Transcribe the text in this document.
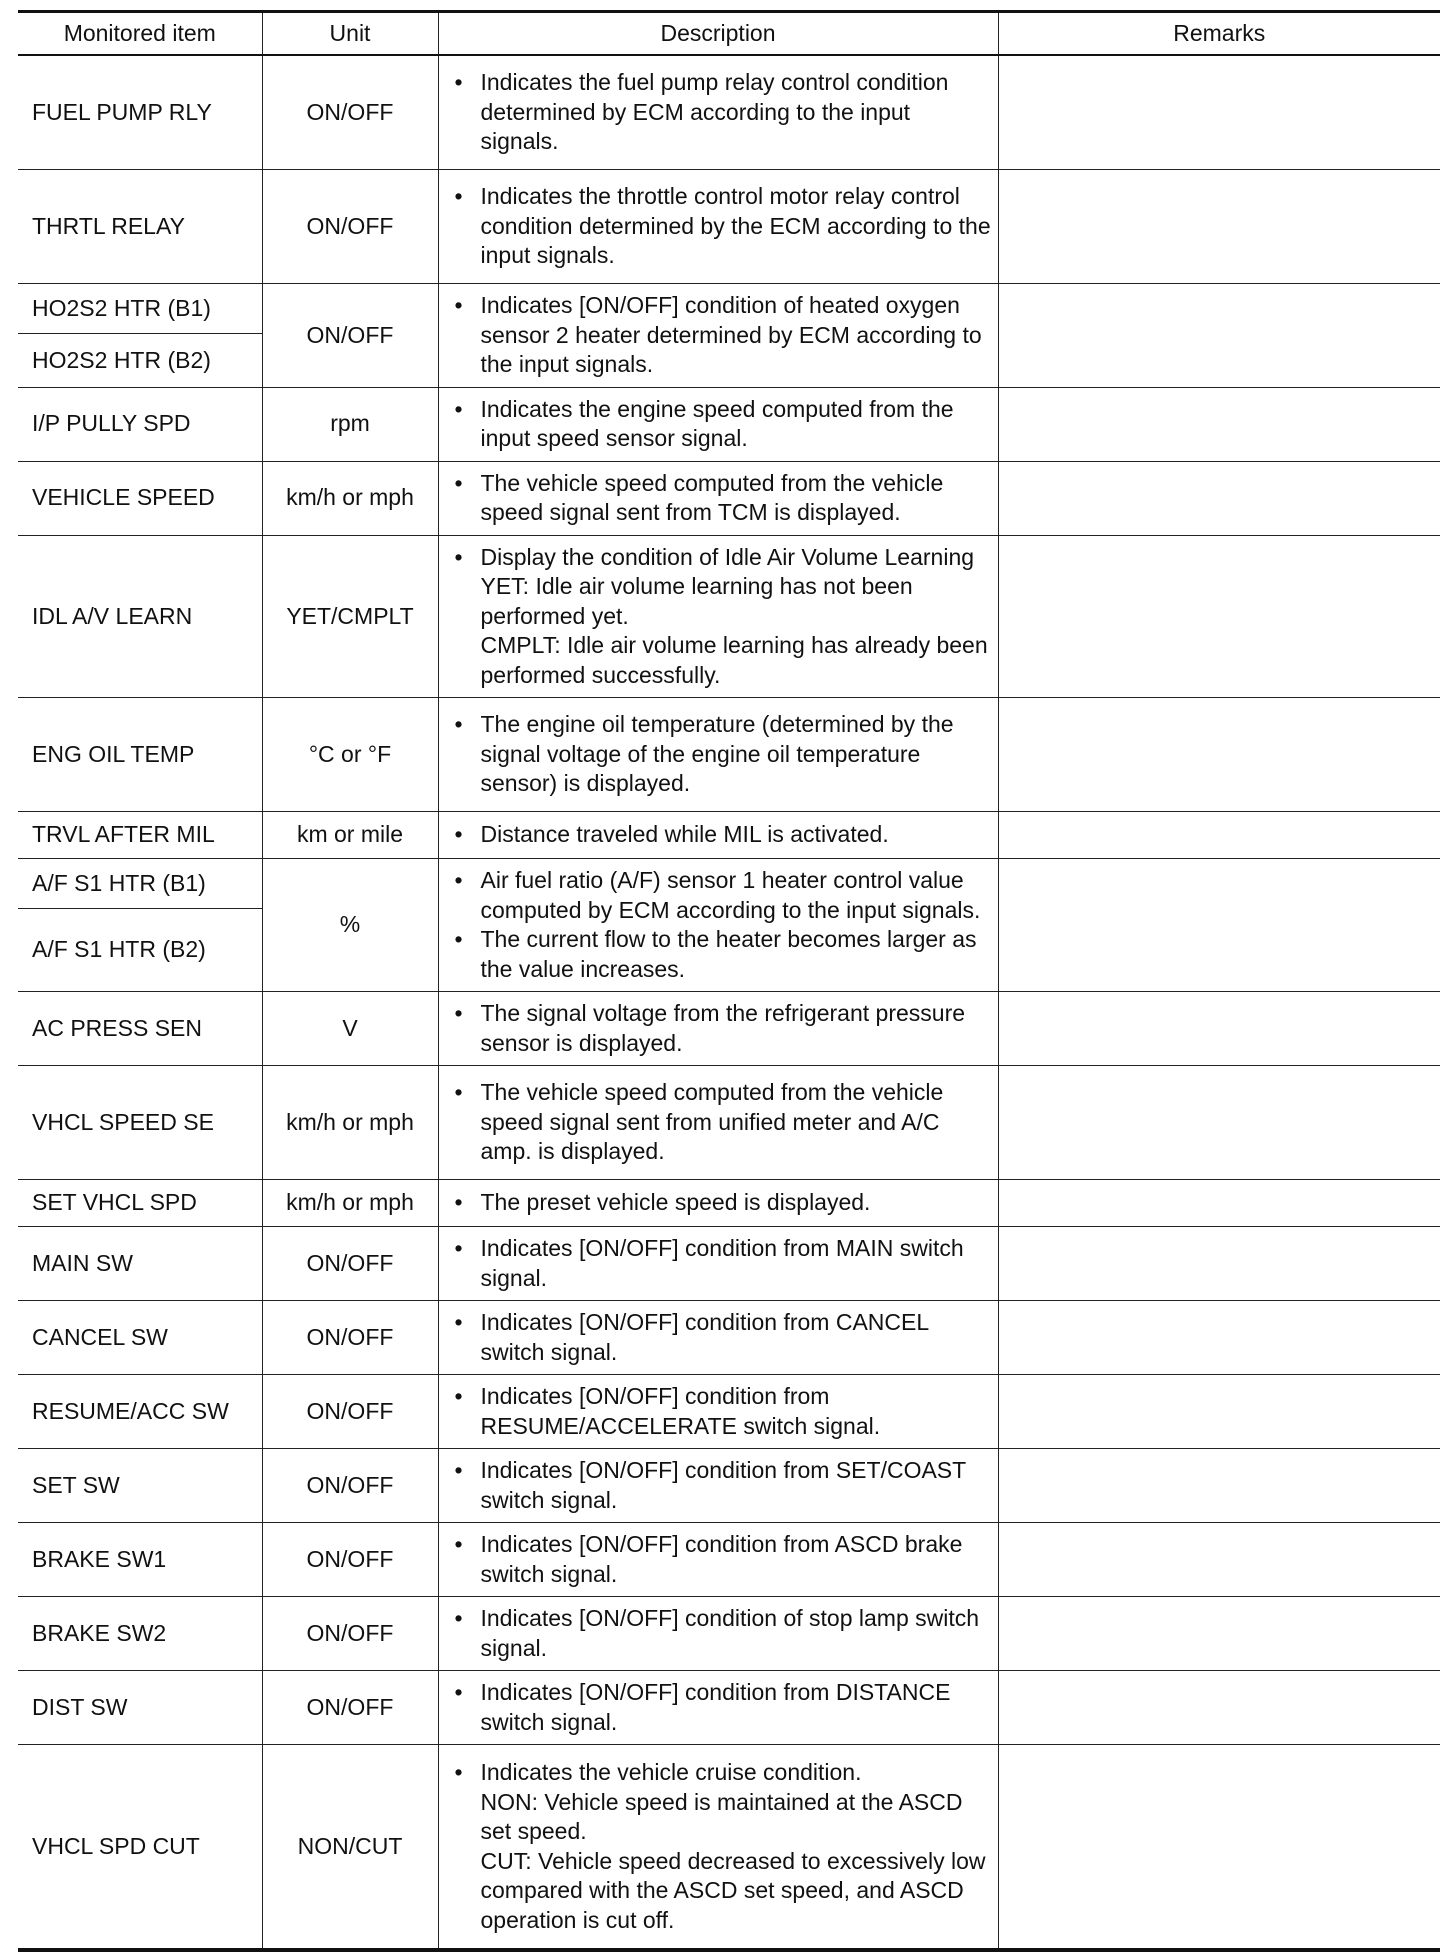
Monitored item	Unit	Description	Remarks
FUEL PUMP RLY	ON/OFF	• Indicates the fuel pump relay control condition determined by ECM according to the input signals.

THRTL RELAY	ON/OFF	• Indicates the throttle control motor relay control condition determined by the ECM according to the input signals.

HO2S2 HTR (B1)	ON/OFF	• Indicates [ON/OFF] condition of heated oxygen sensor 2 heater determined by ECM according to the input signals.

HO2S2 HTR (B2)			
I/P PULLY SPD	rpm	• Indicates the engine speed computed from the input speed sensor signal.

VEHICLE SPEED	km/h or mph	• The vehicle speed computed from the vehicle speed signal sent from TCM is displayed.

IDL A/V LEARN	YET/CMPLT	• Display the condition of Idle Air Volume Learning
YET: Idle air volume learning has not been performed yet.
CMPLT: Idle air volume learning has already been performed successfully.

ENG OIL TEMP	°C or °F	• The engine oil temperature (determined by the signal voltage of the engine oil temperature sensor) is displayed.

TRVL AFTER MIL	km or mile	• Distance traveled while MIL is activated.

A/F S1 HTR (B1)	%	• Air fuel ratio (A/F) sensor 1 heater control value computed by ECM according to the input signals.
• The current flow to the heater becomes larger as the value increases.

A/F S1 HTR (B2)			
AC PRESS SEN	V	• The signal voltage from the refrigerant pressure sensor is displayed.

VHCL SPEED SE	km/h or mph	• The vehicle speed computed from the vehicle speed signal sent from unified meter and A/C amp. is displayed.

SET VHCL SPD	km/h or mph	• The preset vehicle speed is displayed.

MAIN SW	ON/OFF	• Indicates [ON/OFF] condition from MAIN switch signal.

CANCEL SW	ON/OFF	• Indicates [ON/OFF] condition from CANCEL switch signal.

RESUME/ACC SW	ON/OFF	• Indicates [ON/OFF] condition from RESUME/ACCELERATE switch signal.

SET SW	ON/OFF	• Indicates [ON/OFF] condition from SET/COAST switch signal.

BRAKE SW1	ON/OFF	• Indicates [ON/OFF] condition from ASCD brake switch signal.

BRAKE SW2	ON/OFF	• Indicates [ON/OFF] condition of stop lamp switch signal.

DIST SW	ON/OFF	• Indicates [ON/OFF] condition from DISTANCE switch signal.

VHCL SPD CUT	NON/CUT	• Indicates the vehicle cruise condition.
NON: Vehicle speed is maintained at the ASCD set speed.
CUT: Vehicle speed decreased to excessively low compared with the ASCD set speed, and ASCD operation is cut off.
